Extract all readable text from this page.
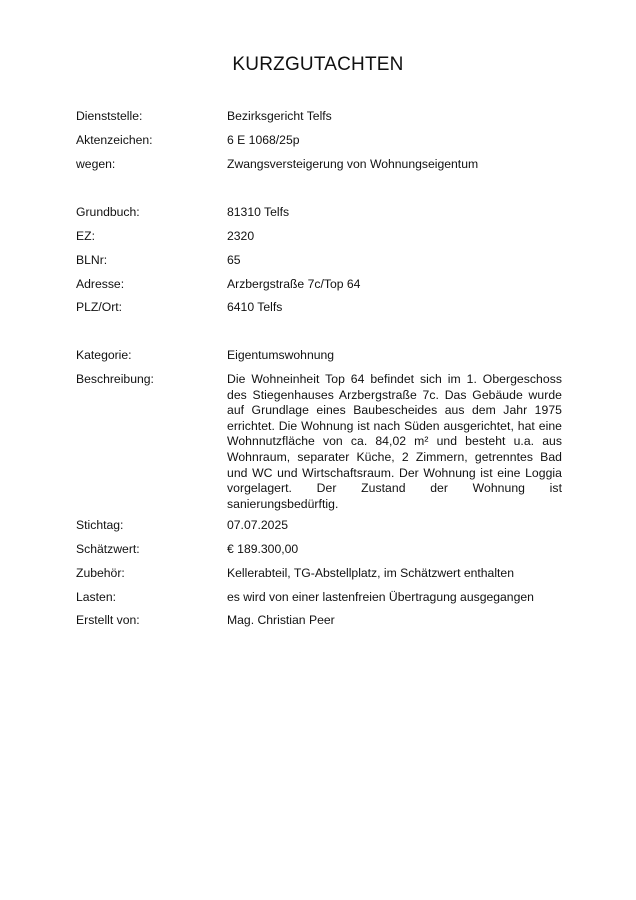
KURZGUTACHTEN
Dienststelle:	Bezirksgericht Telfs
Aktenzeichen:	6 E 1068/25p
wegen:	Zwangsversteigerung von Wohnungseigentum
Grundbuch:	81310 Telfs
EZ:	2320
BLNr:	65
Adresse:	Arzbergstraße 7c/Top 64
PLZ/Ort:	6410 Telfs
Kategorie:	Eigentumswohnung
Beschreibung:	Die Wohneinheit Top 64 befindet sich im 1. Obergeschoss des Stiegenhauses Arzbergstraße 7c. Das Gebäude wurde auf Grundlage eines Baubescheides aus dem Jahr 1975 errichtet. Die Wohnung ist nach Süden ausgerichtet, hat eine Wohnnutzfläche von ca. 84,02 m² und besteht u.a. aus Wohnraum, separater Küche, 2 Zimmern, getrenntes Bad und WC und Wirtschaftsraum. Der Wohnung ist eine Loggia vorgelagert. Der Zustand der Wohnung ist sanierungsbedürftig.
Stichtag:	07.07.2025
Schätzwert:	€ 189.300,00
Zubehör:	Kellerabteil, TG-Abstellplatz, im Schätzwert enthalten
Lasten:	es wird von einer lastenfreien Übertragung ausgegangen
Erstellt von:	Mag. Christian Peer
